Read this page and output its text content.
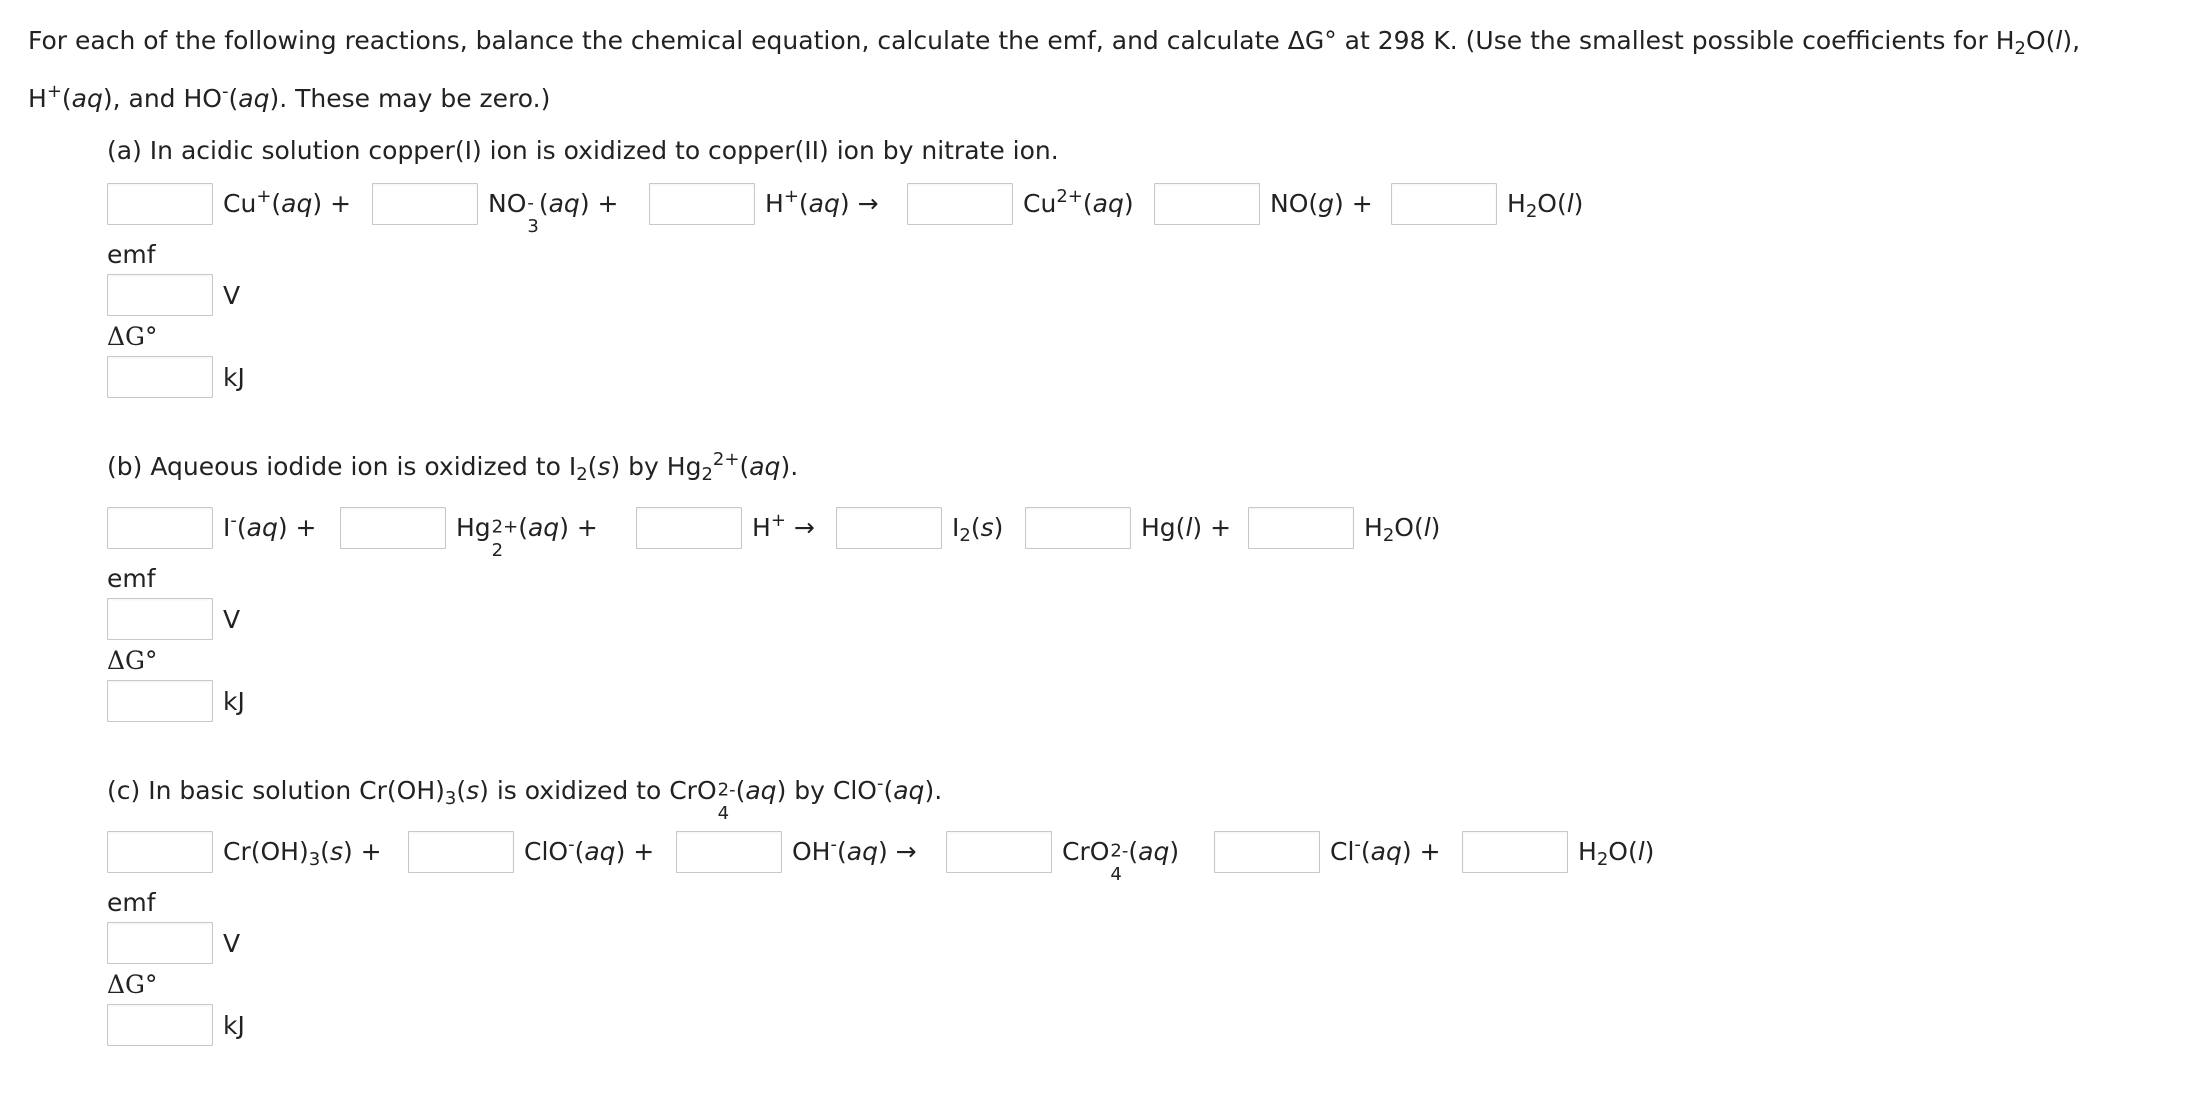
For each of the following reactions, balance the chemical equation, calculate the emf, and calculate ΔG° at 298 K. (Use the smallest possible coefficients for $H_2O(l)$,
H+(aq), and HO-(aq). These may be zero.)
(a) In acidic solution copper(I) ion is oxidized to copper(II) ion by nitrate ion.
Cu+(aq) +	NO -
3
(aq) +	H+(aq) →	$Cu^{2+}(aq)$	NO(g) +	$H_2O(l)$
emf
V
ΔG°
kJ
(b) Aqueous iodide ion is oxidized to $I_2(s)$ by $Hg_2^{2+}(aq)$.
I-(aq) +	Hg 2+
2
(aq) +	H+ →	$I_2(s)$	Hg(l) +	$H_2O(l)$
emf
V
ΔG°
kJ
(c) In basic solution $Cr(OH)_3(s)$ is oxidized to CrO 2-
4
(aq) by ClO-(aq).
$Cr(OH)_3(s)$ +	ClO-(aq) +	OH-(aq) →	CrO 2-
4
(aq)	Cl-(aq) +	$H_2O(l)$
emf
V
ΔG°
kJ
